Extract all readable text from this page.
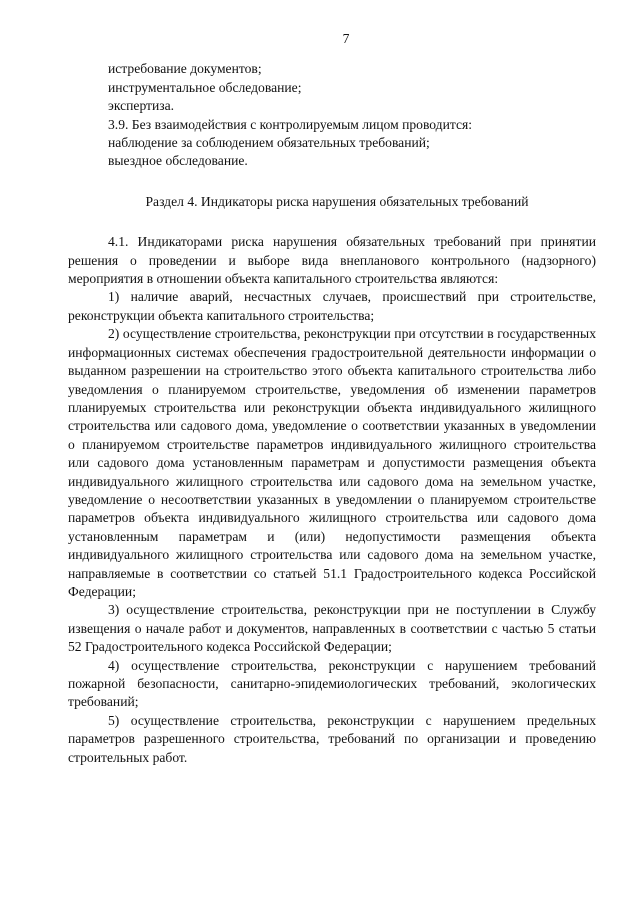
7

истребование документов;

инструментальное обследование;

экспертиза.

3.9. Без взаимодействия с контролируемым лицом проводится:

наблюдение за соблюдением обязательных требований;

выездное обследование.

Раздел 4. Индикаторы риска нарушения обязательных требований

4.1. Индикаторами риска нарушения обязательных требований при принятии решения о проведении и выборе вида внепланового контрольного (надзорного) мероприятия в отношении объекта капитального строительства являются:

1) наличие аварий, несчастных случаев, происшествий при строительстве, реконструкции объекта капитального строительства;

2) осуществление строительства, реконструкции при отсутствии в государственных информационных системах обеспечения градостроительной деятельности информации о выданном разрешении на строительство этого объекта капитального строительства либо уведомления о планируемом строительстве, уведомления об изменении параметров планируемых строительства или реконструкции объекта индивидуального жилищного строительства или садового дома, уведомление о соответствии указанных в уведомлении о планируемом строительстве параметров индивидуального жилищного строительства или садового дома установленным параметрам и допустимости размещения объекта индивидуального жилищного строительства или садового дома на земельном участке, уведомление о несоответствии указанных в уведомлении о планируемом строительстве параметров объекта индивидуального жилищного строительства или садового дома установленным параметрам и (или) недопустимости размещения объекта индивидуального жилищного строительства или садового дома на земельном участке, направляемые в соответствии со статьей 51.1 Градостроительного кодекса Российской Федерации;

3) осуществление строительства, реконструкции при не поступлении в Службу извещения о начале работ и документов, направленных в соответствии с частью 5 статьи 52 Градостроительного кодекса Российской Федерации;

4) осуществление строительства, реконструкции с нарушением требований пожарной безопасности, санитарно-эпидемиологических требований, экологических требований;

5) осуществление строительства, реконструкции с нарушением предельных параметров разрешенного строительства, требований по организации и проведению строительных работ.
